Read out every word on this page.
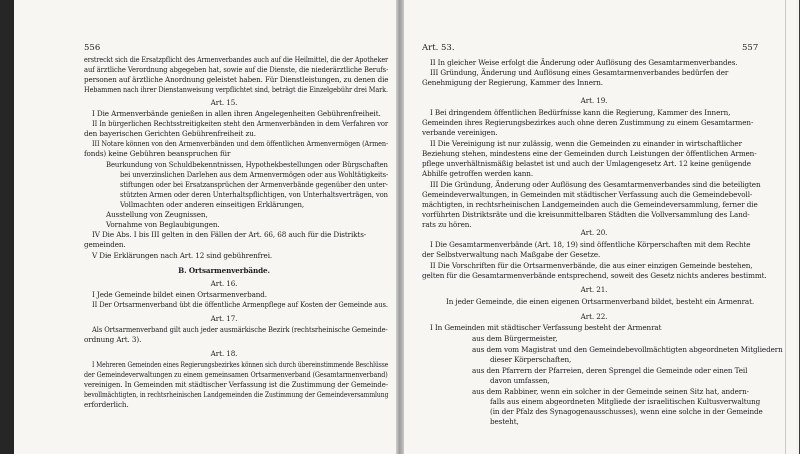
556
erstreckt sich die Ersatzpflicht des Armenverbandes auch auf die Heilmittel, die der Apotheker
auf ärztliche Verordnung abgegeben hat, sowie auf die Dienste, die niederärztliche Berufs-
personen auf ärztliche Anordnung geleistet haben. Für Dienstleistungen, zu denen die
Hebammen nach ihrer Dienstanweisung verpflichtet sind, beträgt die Einzelgebühr drei Mark.
Art. 15.
I Die Armenverbände genießen in allen ihren Angelegenheiten Gebührenfreiheit.
II In bürgerlichen Rechtsstreitigkeiten steht den Armenverbänden in dem Verfahren vor
den bayerischen Gerichten Gebührenfreiheit zu.
III Notare können von den Armenverbänden und dem öffentlichen Armenvermögen (Armen-
fonds) keine Gebühren beanspruchen für
Beurkundung von Schuldbekenntnissen, Hypothekbestellungen oder Bürgschaften
bei unverzinslichen Darlehen aus dem Armenvermögen oder aus Wohltätigkeits-
stiftungen oder bei Ersatzansprüchen der Armenverbände gegenüber den unter-
stützten Armen oder deren Unterhaltspflichtigen, von Unterhaltsverträgen, von
Vollmachten oder anderen einseitigen Erklärungen,
Ausstellung von Zeugnissen,
Vornahme von Beglaubigungen.
IV Die Abs. I bis III gelten in den Fällen der Art. 66, 68 auch für die Distrikts-
gemeinden.
V Die Erklärungen nach Art. 12 sind gebührenfrei.
B. Ortsarmenverbände.
Art. 16.
I Jede Gemeinde bildet einen Ortsarmenverband.
II Der Ortsarmenverband übt die öffentliche Armenpflege auf Kosten der Gemeinde aus.
Art. 17.
Als Ortsarmenverband gilt auch jeder ausmärkische Bezirk (rechtsrheinische Gemeinde-
ordnung Art. 3).
Art. 18.
I Mehreren Gemeinden eines Regierungsbezirkes können sich durch übereinstimmende Beschlüsse
der Gemeindeverwaltungen zu einem gemeinsamen Ortsarmenverband (Gesamtarmenverband)
vereinigen. In Gemeinden mit städtischer Verfassung ist die Zustimmung der Gemeinde-
bevollmächtigten, in rechtsrheinischen Landgemeinden die Zustimmung der Gemeindeversammlung
erforderlich.
Art. 53.	557
II In gleicher Weise erfolgt die Änderung oder Auflösung des Gesamtarmenverbandes.
III Gründung, Änderung und Auflösung eines Gesamtarmenverbandes bedürfen der
Genehmigung der Regierung, Kammer des Innern.
Art. 19.
I Bei dringendem öffentlichen Bedürfnisse kann die Regierung, Kammer des Innern,
Gemeinden ihres Regierungsbezirkes auch ohne deren Zustimmung zu einem Gesamtarmen-
verbande vereinigen.
II Die Vereinigung ist nur zulässig, wenn die Gemeinden zu einander in wirtschaftlicher
Beziehung stehen, mindestens eine der Gemeinden durch Leistungen der öffentlichen Armen-
pflege unverhältnismäßig belastet ist und auch der Umlagengesetz Art. 12 keine genügende
Abhilfe getroffen werden kann.
III Die Gründung, Änderung oder Auflösung des Gesamtarmenverbandes sind die beteiligten
Gemeindeverwaltungen, in Gemeinden mit städtischer Verfassung auch die Gemeindebevoll-
mächtigten, in rechtsrheinischen Landgemeinden auch die Gemeindeversammlung, ferner die
vorführten Distriktsräte und die kreisunmittelbaren Städten die Vollversammlung des Land-
rats zu hören.
Art. 20.
I Die Gesamtarmenverbände (Art. 18, 19) sind öffentliche Körperschaften mit dem Rechte
der Selbstverwaltung nach Maßgabe der Gesetze.
II Die Vorschriften für die Ortsarmenverbände, die aus einer einzigen Gemeinde bestehen,
gelten für die Gesamtarmenverbände entsprechend, soweit des Gesetz nichts anderes bestimmt.
Art. 21.
In jeder Gemeinde, die einen eigenen Ortsarmenverband bildet, besteht ein Armenrat.
Art. 22.
I In Gemeinden mit städtischer Verfassung besteht der Armenrat
aus dem Bürgermeister,
aus dem vom Magistrat und den Gemeindebevollmächtigten abgeordneten Mitgliedern
dieser Körperschaften,
aus den Pfarrern der Pfarreien, deren Sprengel die Gemeinde oder einen Teil
davon umfassen,
aus dem Rabbiner, wenn ein solcher in der Gemeinde seinen Sitz hat, andern-
falls aus einem abgeordneten Mitgliede der israelitischen Kultusverwaltung
(in der Pfalz des Synagogenausschusses), wenn eine solche in der Gemeinde
besteht,
